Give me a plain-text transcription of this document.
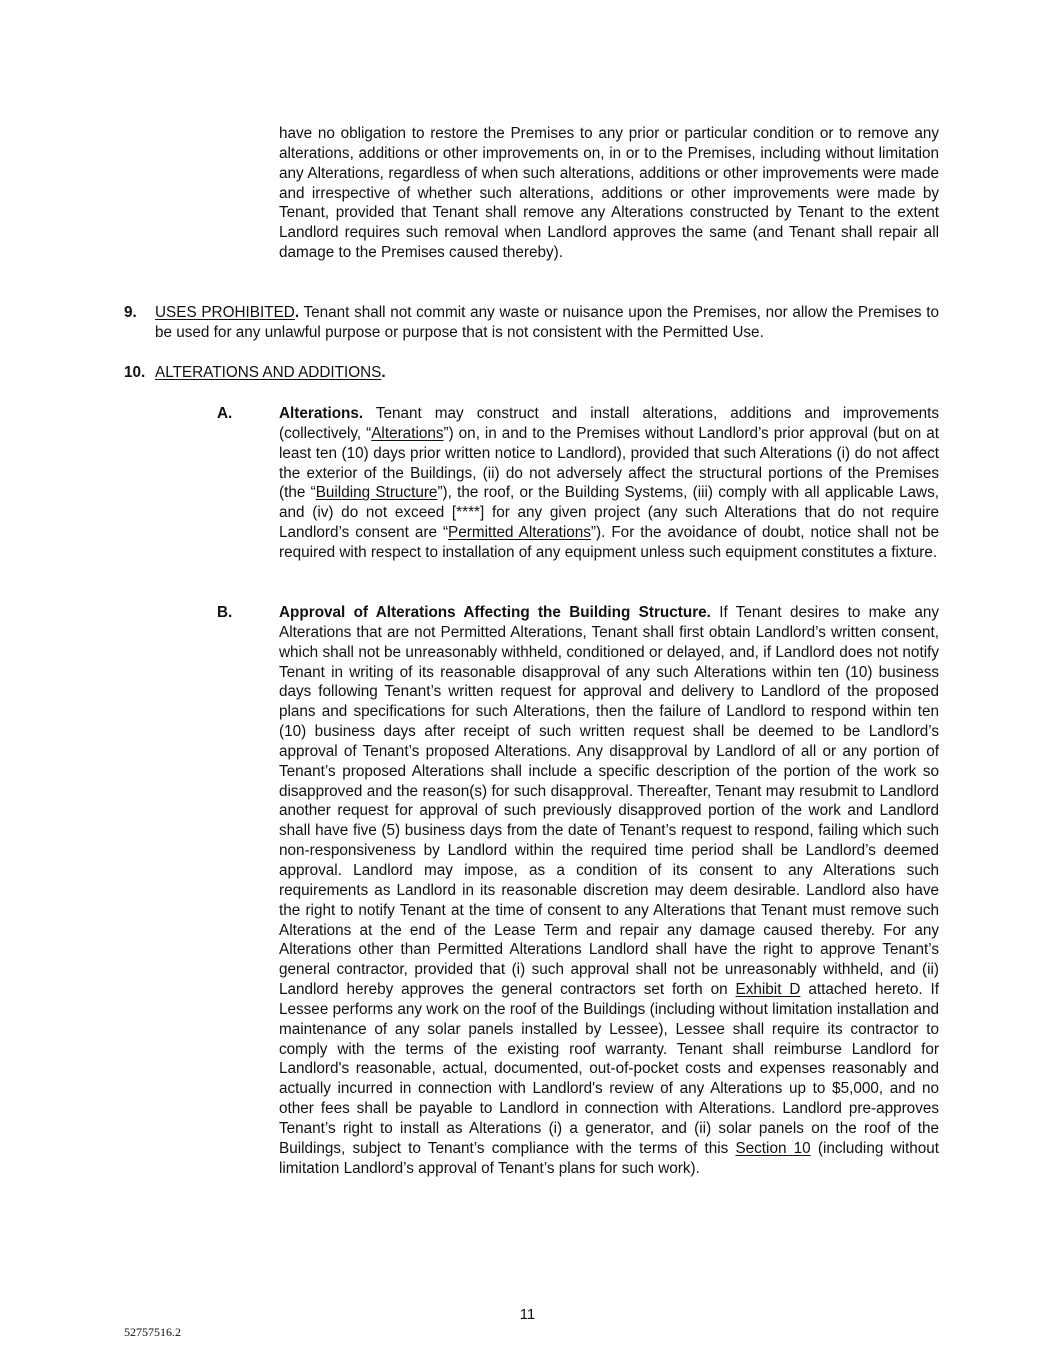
have no obligation to restore the Premises to any prior or particular condition or to remove any alterations, additions or other improvements on, in or to the Premises, including without limitation any Alterations, regardless of when such alterations, additions or other improvements were made and irrespective of whether such alterations, additions or other improvements were made by Tenant, provided that Tenant shall remove any Alterations constructed by Tenant to the extent Landlord requires such removal when Landlord approves the same (and Tenant shall repair all damage to the Premises caused thereby).

9. USES PROHIBITED. Tenant shall not commit any waste or nuisance upon the Premises, nor allow the Premises to be used for any unlawful purpose or purpose that is not consistent with the Permitted Use.

10. ALTERATIONS AND ADDITIONS.

A.	Alterations. Tenant may construct and install alterations, additions and improvements (collectively, “Alterations”) on, in and to the Premises without Landlord’s prior approval (but on at least ten (10) days prior written notice to Landlord), provided that such Alterations (i) do not affect the exterior of the Buildings, (ii) do not adversely affect the structural portions of the Premises (the “Building Structure”), the roof, or the Building Systems, (iii) comply with all applicable Laws, and (iv) do not exceed [****] for any given project (any such Alterations that do not require Landlord’s consent are “Permitted Alterations”). For the avoidance of doubt, notice shall not be required with respect to installation of any equipment unless such equipment constitutes a fixture.

B.	Approval of Alterations Affecting the Building Structure. If Tenant desires to make any Alterations that are not Permitted Alterations, Tenant shall first obtain Landlord’s written consent, which shall not be unreasonably withheld, conditioned or delayed, and, if Landlord does not notify Tenant in writing of its reasonable disapproval of any such Alterations within ten (10) business days following Tenant’s written request for approval and delivery to Landlord of the proposed plans and specifications for such Alterations, then the failure of Landlord to respond within ten (10) business days after receipt of such written request shall be deemed to be Landlord’s approval of Tenant’s proposed Alterations. Any disapproval by Landlord of all or any portion of Tenant’s proposed Alterations shall include a specific description of the portion of the work so disapproved and the reason(s) for such disapproval. Thereafter, Tenant may resubmit to Landlord another request for approval of such previously disapproved portion of the work and Landlord shall have five (5) business days from the date of Tenant’s request to respond, failing which such non-responsiveness by Landlord within the required time period shall be Landlord’s deemed approval. Landlord may impose, as a condition of its consent to any Alterations such requirements as Landlord in its reasonable discretion may deem desirable. Landlord also have the right to notify Tenant at the time of consent to any Alterations that Tenant must remove such Alterations at the end of the Lease Term and repair any damage caused thereby. For any Alterations other than Permitted Alterations Landlord shall have the right to approve Tenant’s general contractor, provided that (i) such approval shall not be unreasonably withheld, and (ii) Landlord hereby approves the general contractors set forth on Exhibit D attached hereto. If Lessee performs any work on the roof of the Buildings (including without limitation installation and maintenance of any solar panels installed by Lessee), Lessee shall require its contractor to comply with the terms of the existing roof warranty. Tenant shall reimburse Landlord for Landlord's reasonable, actual, documented, out-of-pocket costs and expenses reasonably and actually incurred in connection with Landlord's review of any Alterations up to $5,000, and no other fees shall be payable to Landlord in connection with Alterations. Landlord pre-approves Tenant’s right to install as Alterations (i) a generator, and (ii) solar panels on the roof of the Buildings, subject to Tenant’s compliance with the terms of this Section 10 (including without limitation Landlord’s approval of Tenant’s plans for such work).

11
52757516.2
